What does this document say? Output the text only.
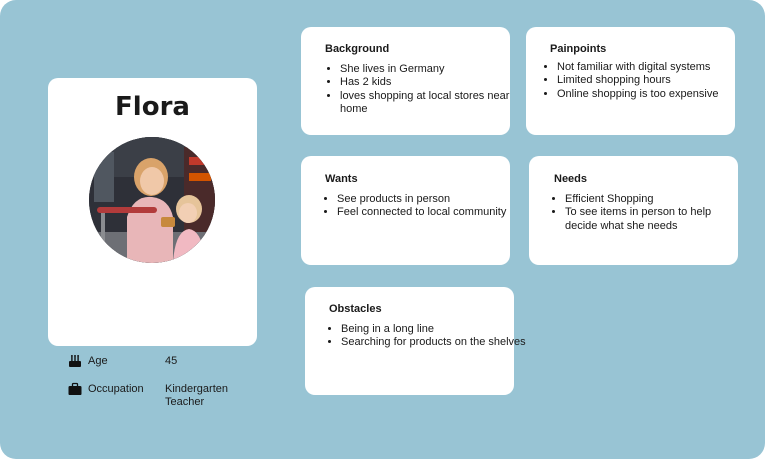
Flora
Age	45
Occupation Kindergarten Teacher
Background
• She lives in Germany
• Has 2 kids
• loves shopping at local stores near home
Painpoints
• Not familiar with digital systems
• Limited shopping hours
• Online shopping is too expensive
Wants
• See products in person
• Feel connected to local community
Needs
• Efficient Shopping
• To see items in person to help decide what she needs
Obstacles
• Being in a long line
• Searching for products on the shelves
